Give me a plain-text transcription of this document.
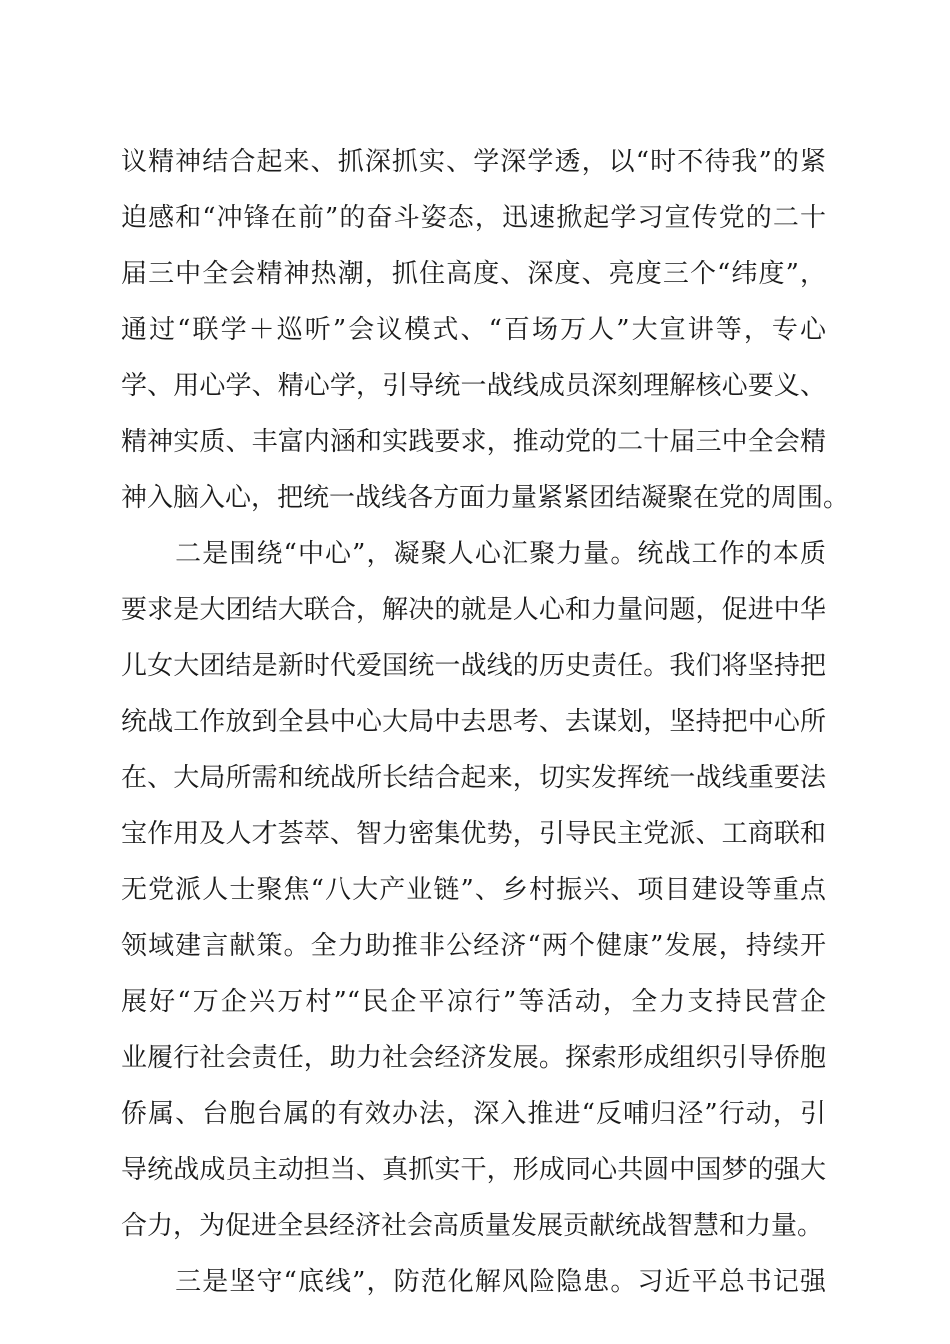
议精神结合起来、抓深抓实、学深学透，以“时不待我”的紧
迫感和“冲锋在前”的奋斗姿态，迅速掀起学习宣传党的二十
届三中全会精神热潮，抓住高度、深度、亮度三个“纬度”，
通过“联学＋巡听”会议模式、“百场万人”大宣讲等，专心
学、用心学、精心学，引导统一战线成员深刻理解核心要义、
精神实质、丰富内涵和实践要求，推动党的二十届三中全会精
神入脑入心，把统一战线各方面力量紧紧团结凝聚在党的周围。
　　二是围绕“中心”，凝聚人心汇聚力量。统战工作的本质
要求是大团结大联合，解决的就是人心和力量问题，促进中华
儿女大团结是新时代爱国统一战线的历史责任。我们将坚持把
统战工作放到全县中心大局中去思考、去谋划，坚持把中心所
在、大局所需和统战所长结合起来，切实发挥统一战线重要法
宝作用及人才荟萃、智力密集优势，引导民主党派、工商联和
无党派人士聚焦“八大产业链”、乡村振兴、项目建设等重点
领域建言献策。全力助推非公经济“两个健康”发展，持续开
展好“万企兴万村”“民企平凉行”等活动，全力支持民营企
业履行社会责任，助力社会经济发展。探索形成组织引导侨胞
侨属、台胞台属的有效办法，深入推进“反哺归泾”行动，引
导统战成员主动担当、真抓实干，形成同心共圆中国梦的强大
合力，为促进全县经济社会高质量发展贡献统战智慧和力量。
　　三是坚守“底线”，防范化解风险隐患。习近平总书记强
